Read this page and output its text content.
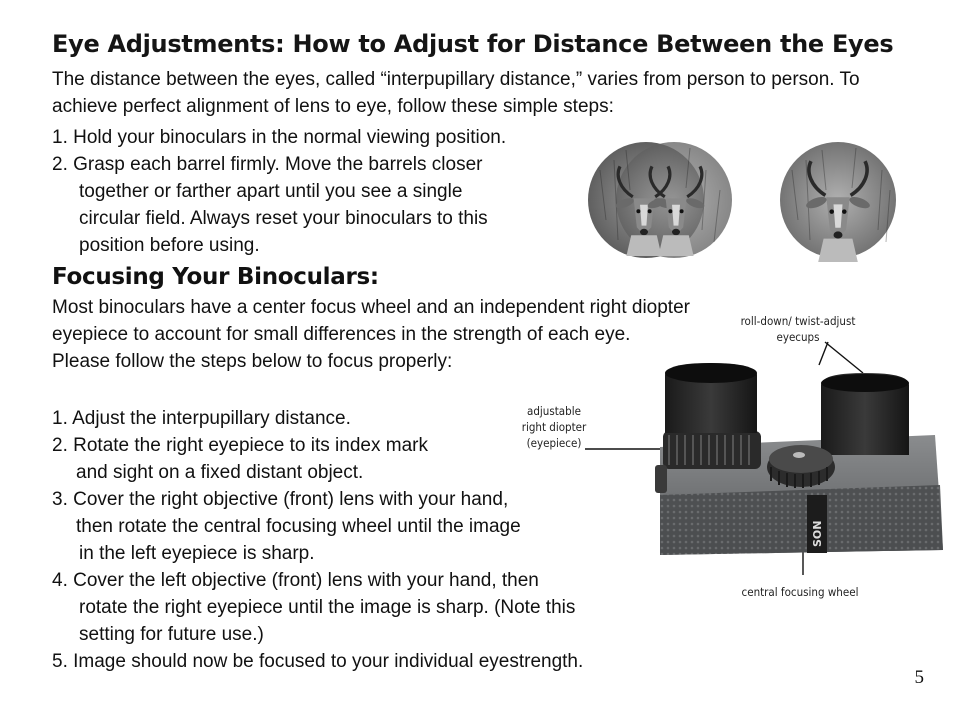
Eye Adjustments: How to Adjust for Distance Between the Eyes
The distance between the eyes, called “interpupillary distance,” varies from person to person. To achieve perfect alignment of lens to eye, follow these simple steps:
1. Hold your binoculars in the normal viewing position.
2. Grasp each barrel firmly. Move the barrels closer
together or farther apart until you see a single
circular field. Always reset your binoculars to this
position before using.
Focusing Your Binoculars:
Most binoculars have a center focus wheel and an independent right diopter eyepiece to account for small differences in the strength of each eye. Please follow the steps below to focus properly:
1. Adjust the interpupillary distance.
2. Rotate the right eyepiece to its index mark
and sight on a fixed distant object.
3. Cover the right objective (front) lens with your hand,
then rotate the central focusing wheel until the image
in the left eyepiece is sharp.
4. Cover the left objective (front) lens with your hand, then
rotate the right eyepiece until the image is sharp. (Note this
setting for future use.)
5. Image should now be focused to your individual eyestrength.
roll-down/ twist-adjust
eyecups
adjustable
right diopter
(eyepiece)
SON
central focusing wheel
5
